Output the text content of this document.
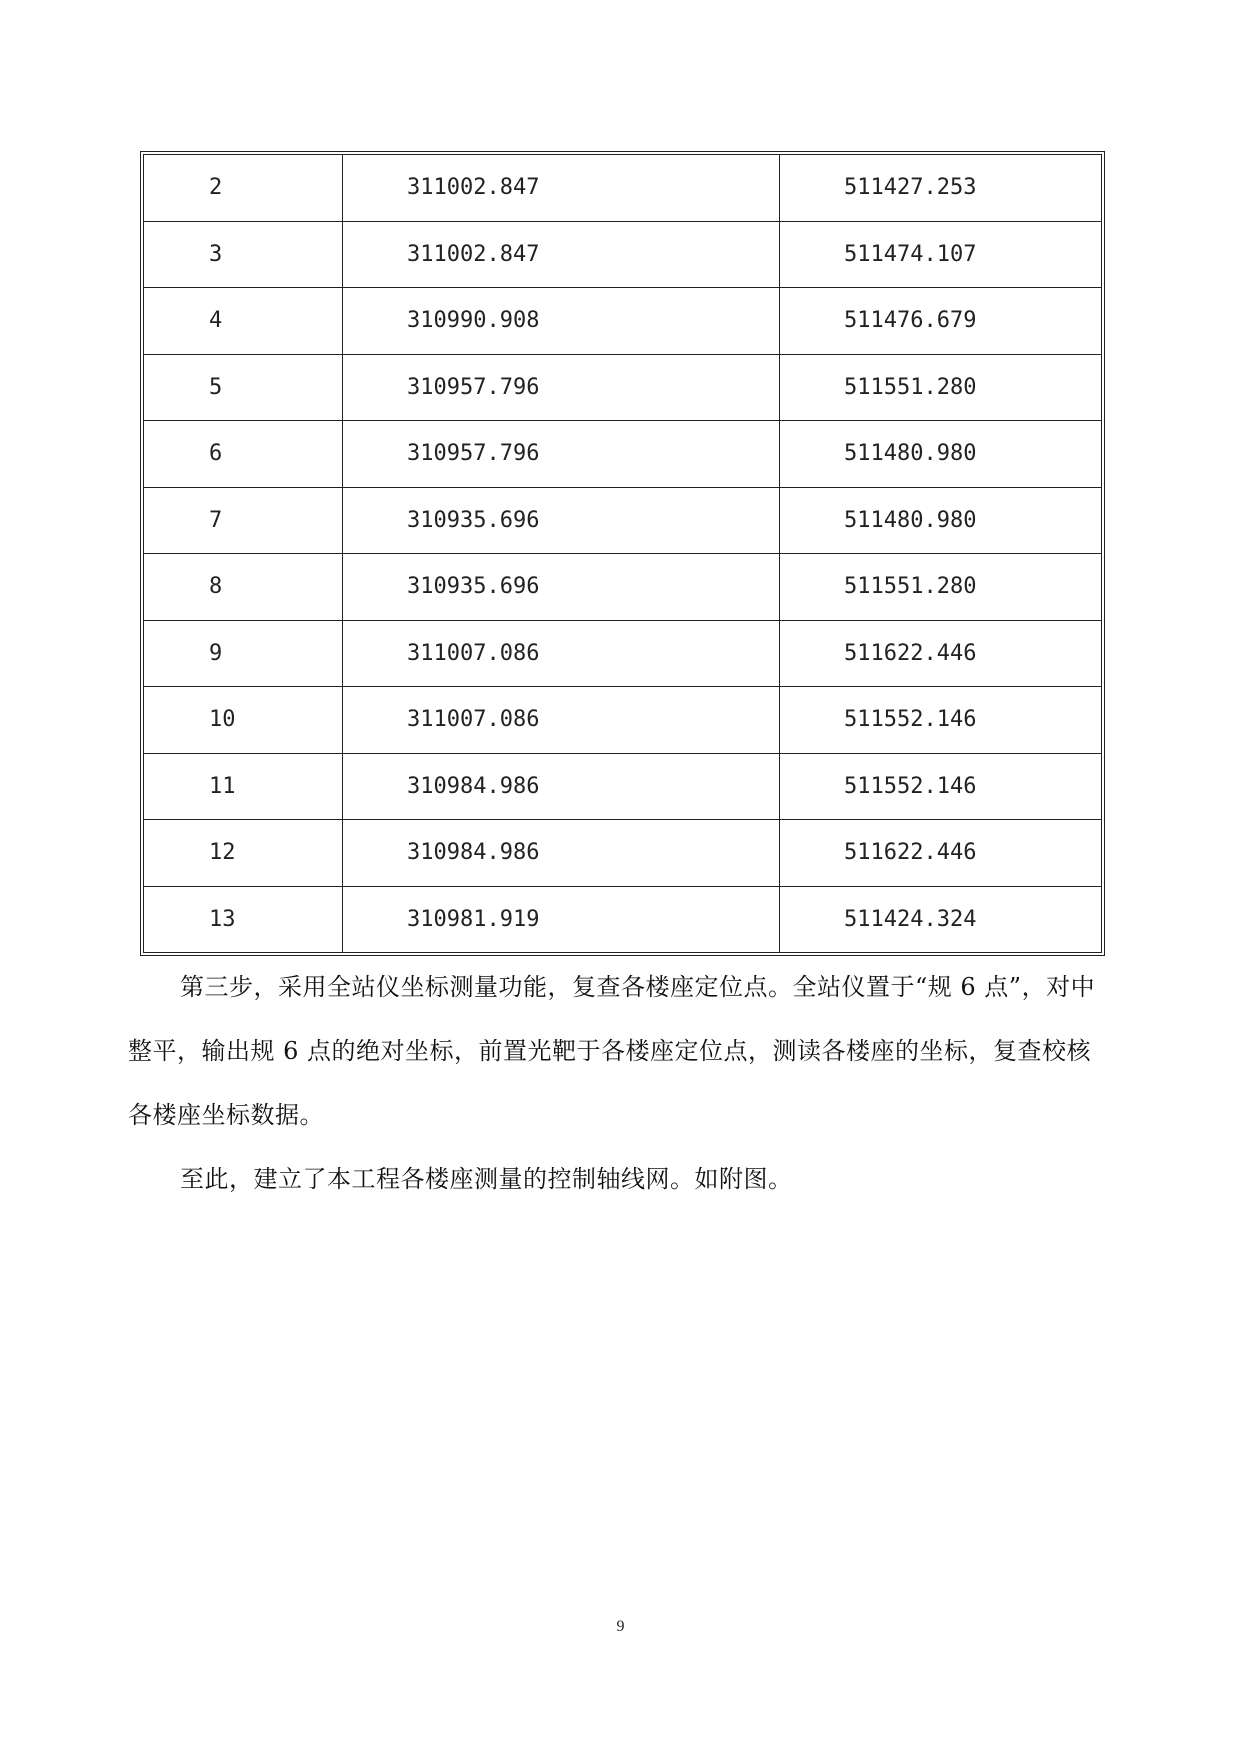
2	311002.847	511427.253
3	311002.847	511474.107
4	310990.908	511476.679
5	310957.796	511551.280
6	310957.796	511480.980
7	310935.696	511480.980
8	310935.696	511551.280
9	311007.086	511622.446
10	311007.086	511552.146
11	310984.986	511552.146
12	310984.986	511622.446
13	310981.919	511424.324

第三步，采用全站仪坐标测量功能，复查各楼座定位点。全站仪置于“规 6 点”，对中整平，输出规 6 点的绝对坐标，前置光靶于各楼座定位点，测读各楼座的坐标，复查校核各楼座坐标数据。

至此，建立了本工程各楼座测量的控制轴线网。如附图。

9
